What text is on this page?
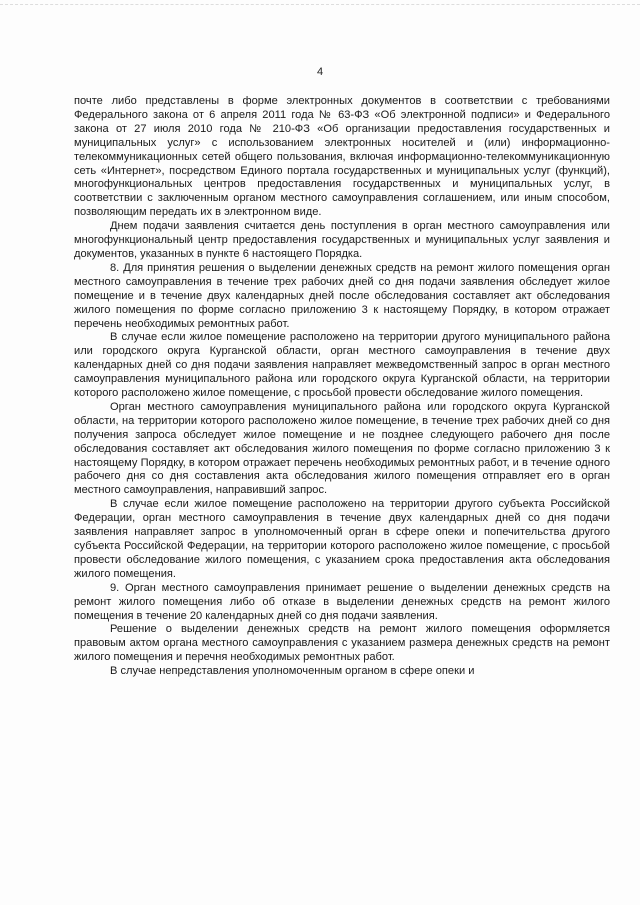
4

почте либо представлены в форме электронных документов в соответствии с требованиями Федерального закона от 6 апреля 2011 года № 63-ФЗ «Об электронной подписи» и Федерального закона от 27 июля 2010 года № 210-ФЗ «Об организации предоставления государственных и муниципальных услуг» с использованием электронных носителей и (или) информационно-телекоммуникационных сетей общего пользования, включая информационно-телекоммуникационную сеть «Интернет», посредством Единого портала государственных и муниципальных услуг (функций), многофункциональных центров предоставления государственных и муниципальных услуг, в соответствии с заключенным органом местного самоуправления соглашением, или иным способом, позволяющим передать их в электронном виде.

Днем подачи заявления считается день поступления в орган местного самоуправления или многофункциональный центр предоставления государственных и муниципальных услуг заявления и документов, указанных в пункте 6 настоящего Порядка.

8. Для принятия решения о выделении денежных средств на ремонт жилого помещения орган местного самоуправления в течение трех рабочих дней со дня подачи заявления обследует жилое помещение и в течение двух календарных дней после обследования составляет акт обследования жилого помещения по форме согласно приложению 3 к настоящему Порядку, в котором отражает перечень необходимых ремонтных работ.

В случае если жилое помещение расположено на территории другого муниципального района или городского округа Курганской области, орган местного самоуправления в течение двух календарных дней со дня подачи заявления направляет межведомственный запрос в орган местного самоуправления муниципального района или городского округа Курганской области, на территории которого расположено жилое помещение, с просьбой провести обследование жилого помещения.

Орган местного самоуправления муниципального района или городского округа Курганской области, на территории которого расположено жилое помещение, в течение трех рабочих дней со дня получения запроса обследует жилое помещение и не позднее следующего рабочего дня после обследования составляет акт обследования жилого помещения по форме согласно приложению 3 к настоящему Порядку, в котором отражает перечень необходимых ремонтных работ, и в течение одного рабочего дня со дня составления акта обследования жилого помещения отправляет его в орган местного самоуправления, направивший запрос.

В случае если жилое помещение расположено на территории другого субъекта Российской Федерации, орган местного самоуправления в течение двух календарных дней со дня подачи заявления направляет запрос в уполномоченный орган в сфере опеки и попечительства другого субъекта Российской Федерации, на территории которого расположено жилое помещение, с просьбой провести обследование жилого помещения, с указанием срока предоставления акта обследования жилого помещения.

9. Орган местного самоуправления принимает решение о выделении денежных средств на ремонт жилого помещения либо об отказе в выделении денежных средств на ремонт жилого помещения в течение 20 календарных дней со дня подачи заявления.

Решение о выделении денежных средств на ремонт жилого помещения оформляется правовым актом органа местного самоуправления с указанием размера денежных средств на ремонт жилого помещения и перечня необходимых ремонтных работ.

В случае непредставления уполномоченным органом в сфере опеки и
